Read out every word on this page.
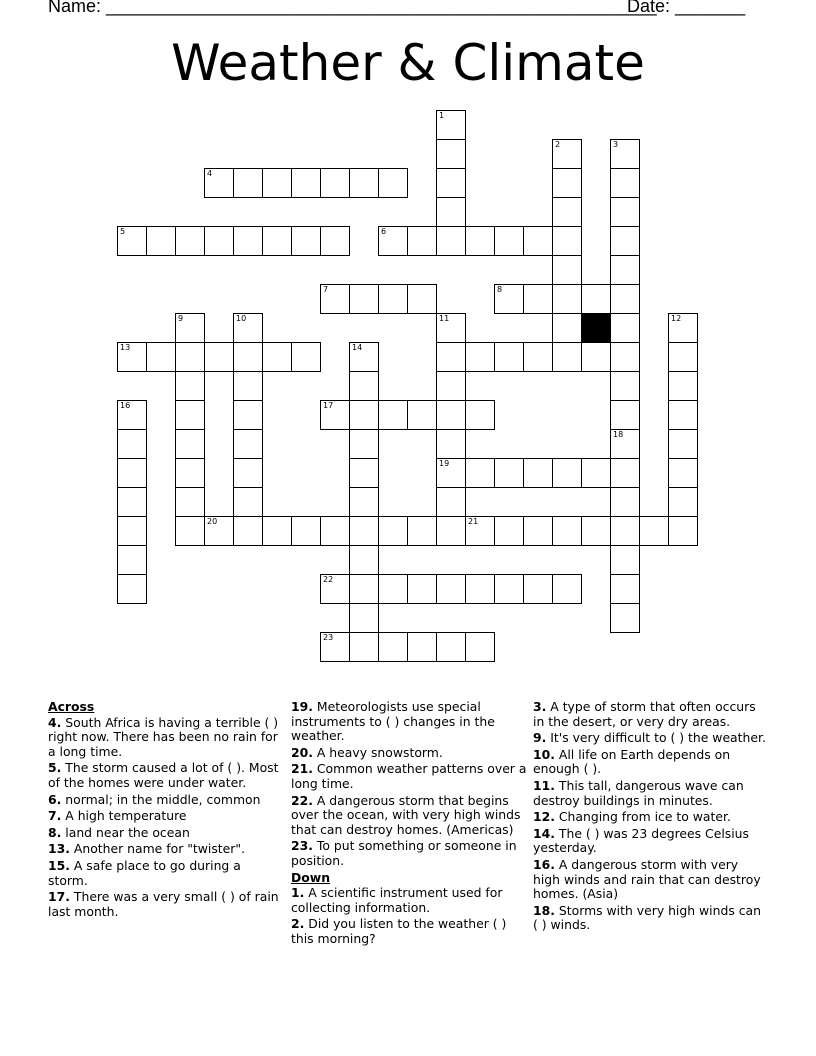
Name: _______________________________________________________
Date: _______
Weather & Climate
1
2	3
4
5	6
7	8
9	10	11	12
13	14
16	17
18
19
20	21
22
23
Across
4. South Africa is having a terrible ( ) right now. There has been no rain for a long time.
5. The storm caused a lot of ( ). Most of the homes were under water.
6. normal; in the middle, common
7. A high temperature
8. land near the ocean
13. Another name for "twister".
15. A safe place to go during a storm.
17. There was a very small ( ) of rain last month.
19. Meteorologists use special instruments to ( ) changes in the weather.
20. A heavy snowstorm.
21. Common weather patterns over a long time.
22. A dangerous storm that begins over the ocean, with very high winds that can destroy homes. (Americas)
23. To put something or someone in position.
Down
1. A scientific instrument used for collecting information.
2. Did you listen to the weather ( ) this morning?
3. A type of storm that often occurs in the desert, or very dry areas.
9. It's very difficult to ( ) the weather.
10. All life on Earth depends on enough ( ).
11. This tall, dangerous wave can destroy buildings in minutes.
12. Changing from ice to water.
14. The ( ) was 23 degrees Celsius yesterday.
16. A dangerous storm with very high winds and rain that can destroy homes. (Asia)
18. Storms with very high winds can ( ) winds.
